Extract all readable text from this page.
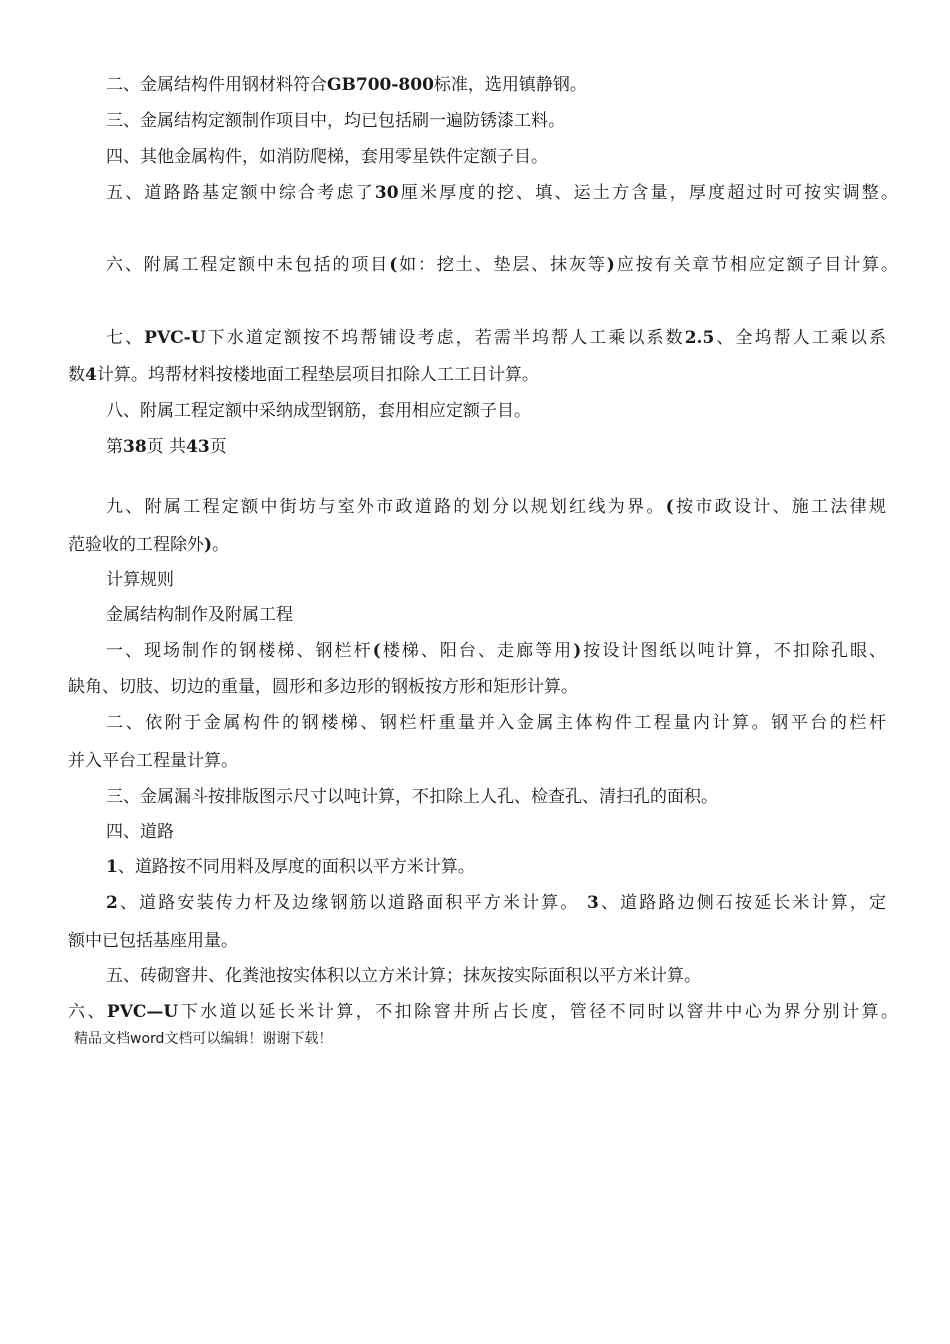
二、金属结构件用钢材料符合GB700-800标准，选用镇静钢。
三、金属结构定额制作项目中，均已包括刷一遍防锈漆工料。
四、其他金属构件，如消防爬梯，套用零星铁件定额子目。
五、道路路基定额中综合考虑了30厘米厚度的挖、填、运土方含量，厚度超过时可按实调整。
六、附属工程定额中未包括的项目(如：挖土、垫层、抹灰等)应按有关章节相应定额子目计算。
七、PVC-U下水道定额按不坞帮铺设考虑，若需半坞帮人工乘以系数2.5、全坞帮人工乘以系
数4计算。坞帮材料按楼地面工程垫层项目扣除人工工日计算。
八、附属工程定额中采纳成型钢筋，套用相应定额子目。
第38页 共43页
九、附属工程定额中街坊与室外市政道路的划分以规划红线为界。(按市政设计、施工法律规
范验收的工程除外)。
计算规则
金属结构制作及附属工程
一、现场制作的钢楼梯、钢栏杆(楼梯、阳台、走廊等用)按设计图纸以吨计算，不扣除孔眼、
缺角、切肢、切边的重量，圆形和多边形的钢板按方形和矩形计算。
二、依附于金属构件的钢楼梯、钢栏杆重量并入金属主体构件工程量内计算。钢平台的栏杆
并入平台工程量计算。
三、金属漏斗按排版图示尺寸以吨计算，不扣除上人孔、检查孔、清扫孔的面积。
四、道路
1、道路按不同用料及厚度的面积以平方米计算。
2、道路安装传力杆及边缘钢筋以道路面积平方米计算。 3、道路路边侧石按延长米计算，定
额中已包括基座用量。
五、砖砌窨井、化粪池按实体积以立方米计算；抹灰按实际面积以平方米计算。
六、PVC—U下水道以延长米计算，不扣除窨井所占长度，管径不同时以窨井中心为界分别计算。
精品文档word文档可以编辑！谢谢下载！
